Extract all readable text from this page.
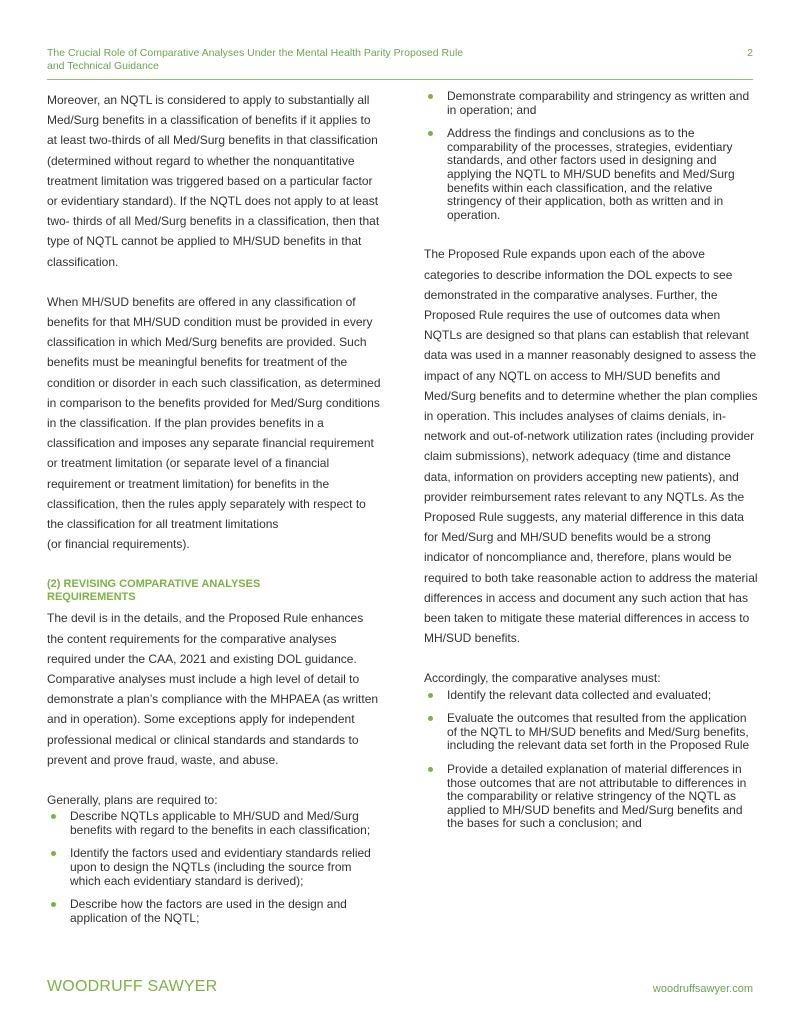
The Crucial Role of Comparative Analyses Under the Mental Health Parity Proposed Rule and Technical Guidance
2

Moreover, an NQTL is considered to apply to substantially all Med/Surg benefits in a classification of benefits if it applies to at least two-thirds of all Med/Surg benefits in that classification (determined without regard to whether the nonquantitative treatment limitation was triggered based on a particular factor or evidentiary standard). If the NQTL does not apply to at least two- thirds of all Med/Surg benefits in a classification, then that type of NQTL cannot be applied to MH/SUD benefits in that classification.

When MH/SUD benefits are offered in any classification of benefits for that MH/SUD condition must be provided in every classification in which Med/Surg benefits are provided. Such benefits must be meaningful benefits for treatment of the condition or disorder in each such classification, as determined in comparison to the benefits provided for Med/Surg conditions in the classification. If the plan provides benefits in a classification and imposes any separate financial requirement or treatment limitation (or separate level of a financial requirement or treatment limitation) for benefits in the classification, then the rules apply separately with respect to the classification for all treatment limitations

(or financial requirements).

(2) REVISING COMPARATIVE ANALYSES REQUIREMENTS

The devil is in the details, and the Proposed Rule enhances the content requirements for the comparative analyses required under the CAA, 2021 and existing DOL guidance. Comparative analyses must include a high level of detail to demonstrate a plan’s compliance with the MHPAEA (as written and in operation). Some exceptions apply for independent professional medical or clinical standards and standards to prevent and prove fraud, waste, and abuse.

Generally, plans are required to:

Describe NQTLs applicable to MH/SUD and Med/Surg benefits with regard to the benefits in each classification;
Identify the factors used and evidentiary standards relied upon to design the NQTLs (including the source from which each evidentiary standard is derived);
Describe how the factors are used in the design and application of the NQTL;
Demonstrate comparability and stringency as written and in operation; and
Address the findings and conclusions as to the comparability of the processes, strategies, evidentiary standards, and other factors used in designing and applying the NQTL to MH/SUD benefits and Med/Surg benefits within each classification, and the relative stringency of their application, both as written and in operation.

The Proposed Rule expands upon each of the above categories to describe information the DOL expects to see demonstrated in the comparative analyses. Further, the Proposed Rule requires the use of outcomes data when NQTLs are designed so that plans can establish that relevant data was used in a manner reasonably designed to assess the impact of any NQTL on access to MH/SUD benefits and Med/Surg benefits and to determine whether the plan complies in operation. This includes analyses of claims denials, in-network and out-of-network utilization rates (including provider claim submissions), network adequacy (time and distance data, information on providers accepting new patients), and provider reimbursement rates relevant to any NQTLs. As the Proposed Rule suggests, any material difference in this data for Med/Surg and MH/SUD benefits would be a strong indicator of noncompliance and, therefore, plans would be required to both take reasonable action to address the material differences in access and document any such action that has been taken to mitigate these material differences in access to MH/SUD benefits.

Accordingly, the comparative analyses must:

Identify the relevant data collected and evaluated;
Evaluate the outcomes that resulted from the application of the NQTL to MH/SUD benefits and Med/Surg benefits, including the relevant data set forth in the Proposed Rule
Provide a detailed explanation of material differences in those outcomes that are not attributable to differences in the comparability or relative stringency of the NQTL as applied to MH/SUD benefits and Med/Surg benefits and the bases for such a conclusion; and
WOODRUFF SAWYER	woodruffsawyer.com
